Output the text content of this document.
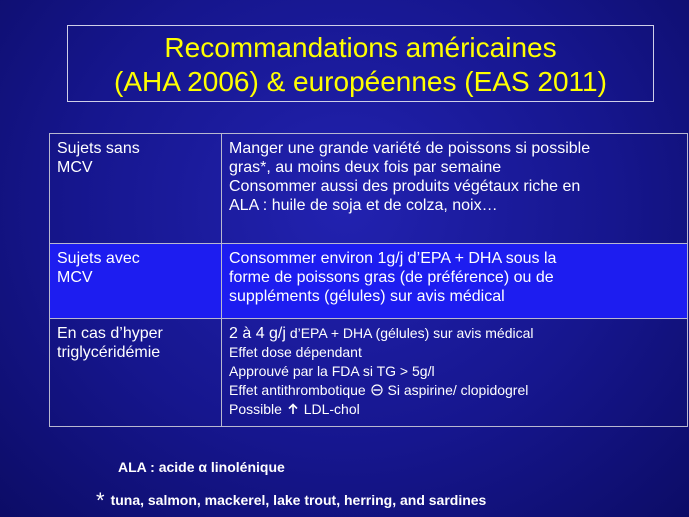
Recommandations américaines
(AHA 2006) & européennes (EAS 2011)
Sujets sans
MCV	Manger une grande variété de poissons si possible
gras*, au moins deux fois par semaine
Consommer aussi des produits végétaux riche en
ALA : huile de soja et de colza, noix…

Sujets avec
MCV	Consommer environ 1g/j d’EPA + DHA sous la
forme de poissons gras (de préférence) ou de
suppléments (gélules) sur avis médical

En cas d’hyper
triglycéridémie	2 à 4 g/j d’EPA + DHA (gélules) sur avis médical
Effet dose dépendant
Approuvé par la FDA si TG > 5g/l
Effet antithrombotique Si aspirine/ clopidogrel
Possible LDL-chol
ALA : acide α linolénique
* tuna, salmon, mackerel, lake trout, herring, and sardines
